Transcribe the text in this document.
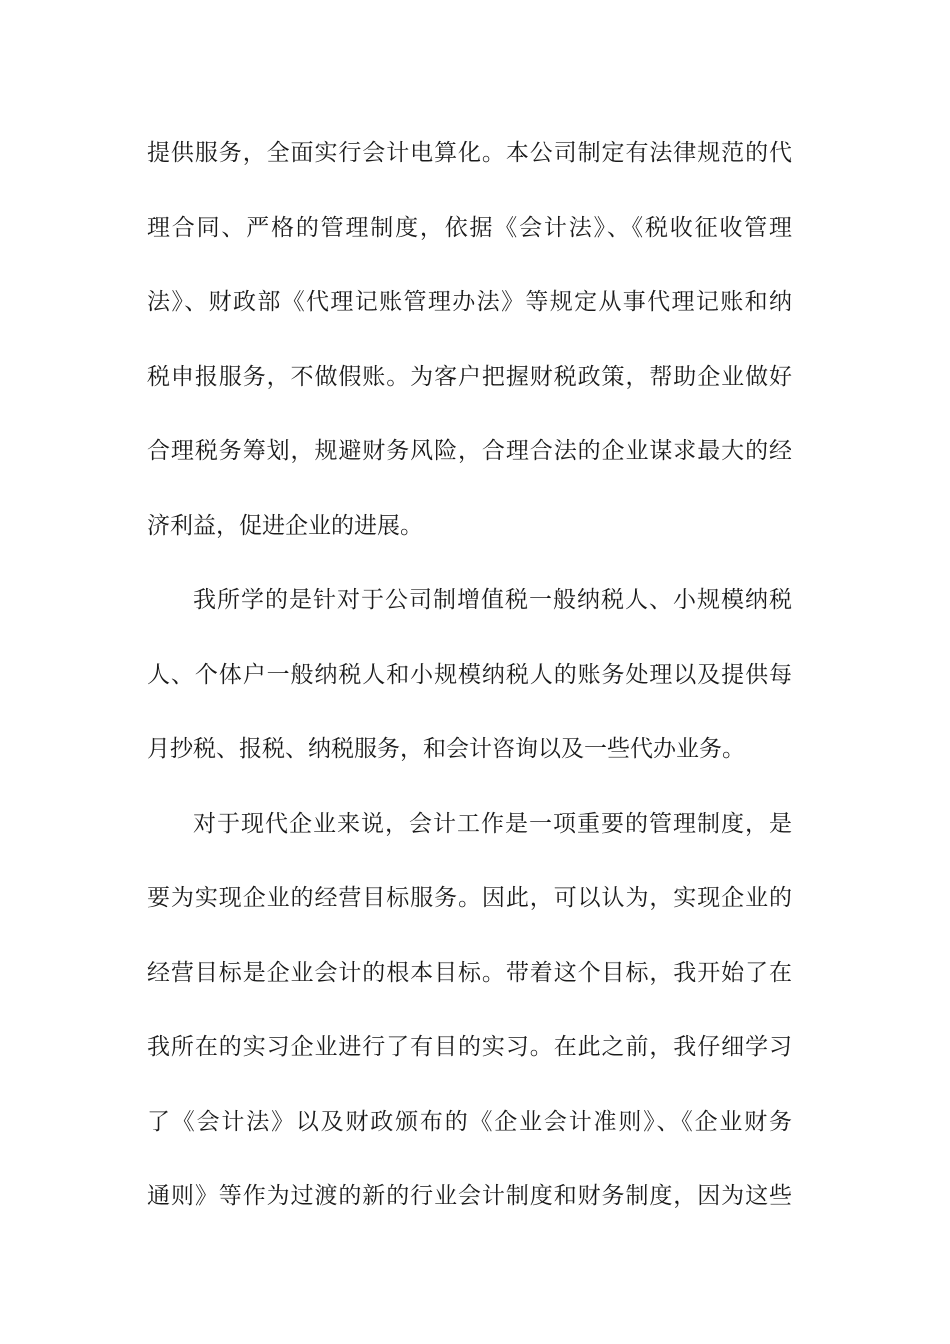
提供服务，全面实行会计电算化。本公司制定有法律规范的代
理合同、严格的管理制度，依据《会计法》、《税收征收管理
法》、财政部《代理记账管理办法》等规定从事代理记账和纳
税申报服务，不做假账。为客户把握财税政策，帮助企业做好
合理税务筹划，规避财务风险，合理合法的企业谋求最大的经
济利益，促进企业的进展。
我所学的是针对于公司制增值税一般纳税人、小规模纳税
人、个体户一般纳税人和小规模纳税人的账务处理以及提供每
月抄税、报税、纳税服务，和会计咨询以及一些代办业务。
对于现代企业来说，会计工作是一项重要的管理制度，是
要为实现企业的经营目标服务。因此，可以认为，实现企业的
经营目标是企业会计的根本目标。带着这个目标，我开始了在
我所在的实习企业进行了有目的实习。在此之前，我仔细学习
了《会计法》以及财政颁布的《企业会计准则》、《企业财务
通则》等作为过渡的新的行业会计制度和财务制度，因为这些
